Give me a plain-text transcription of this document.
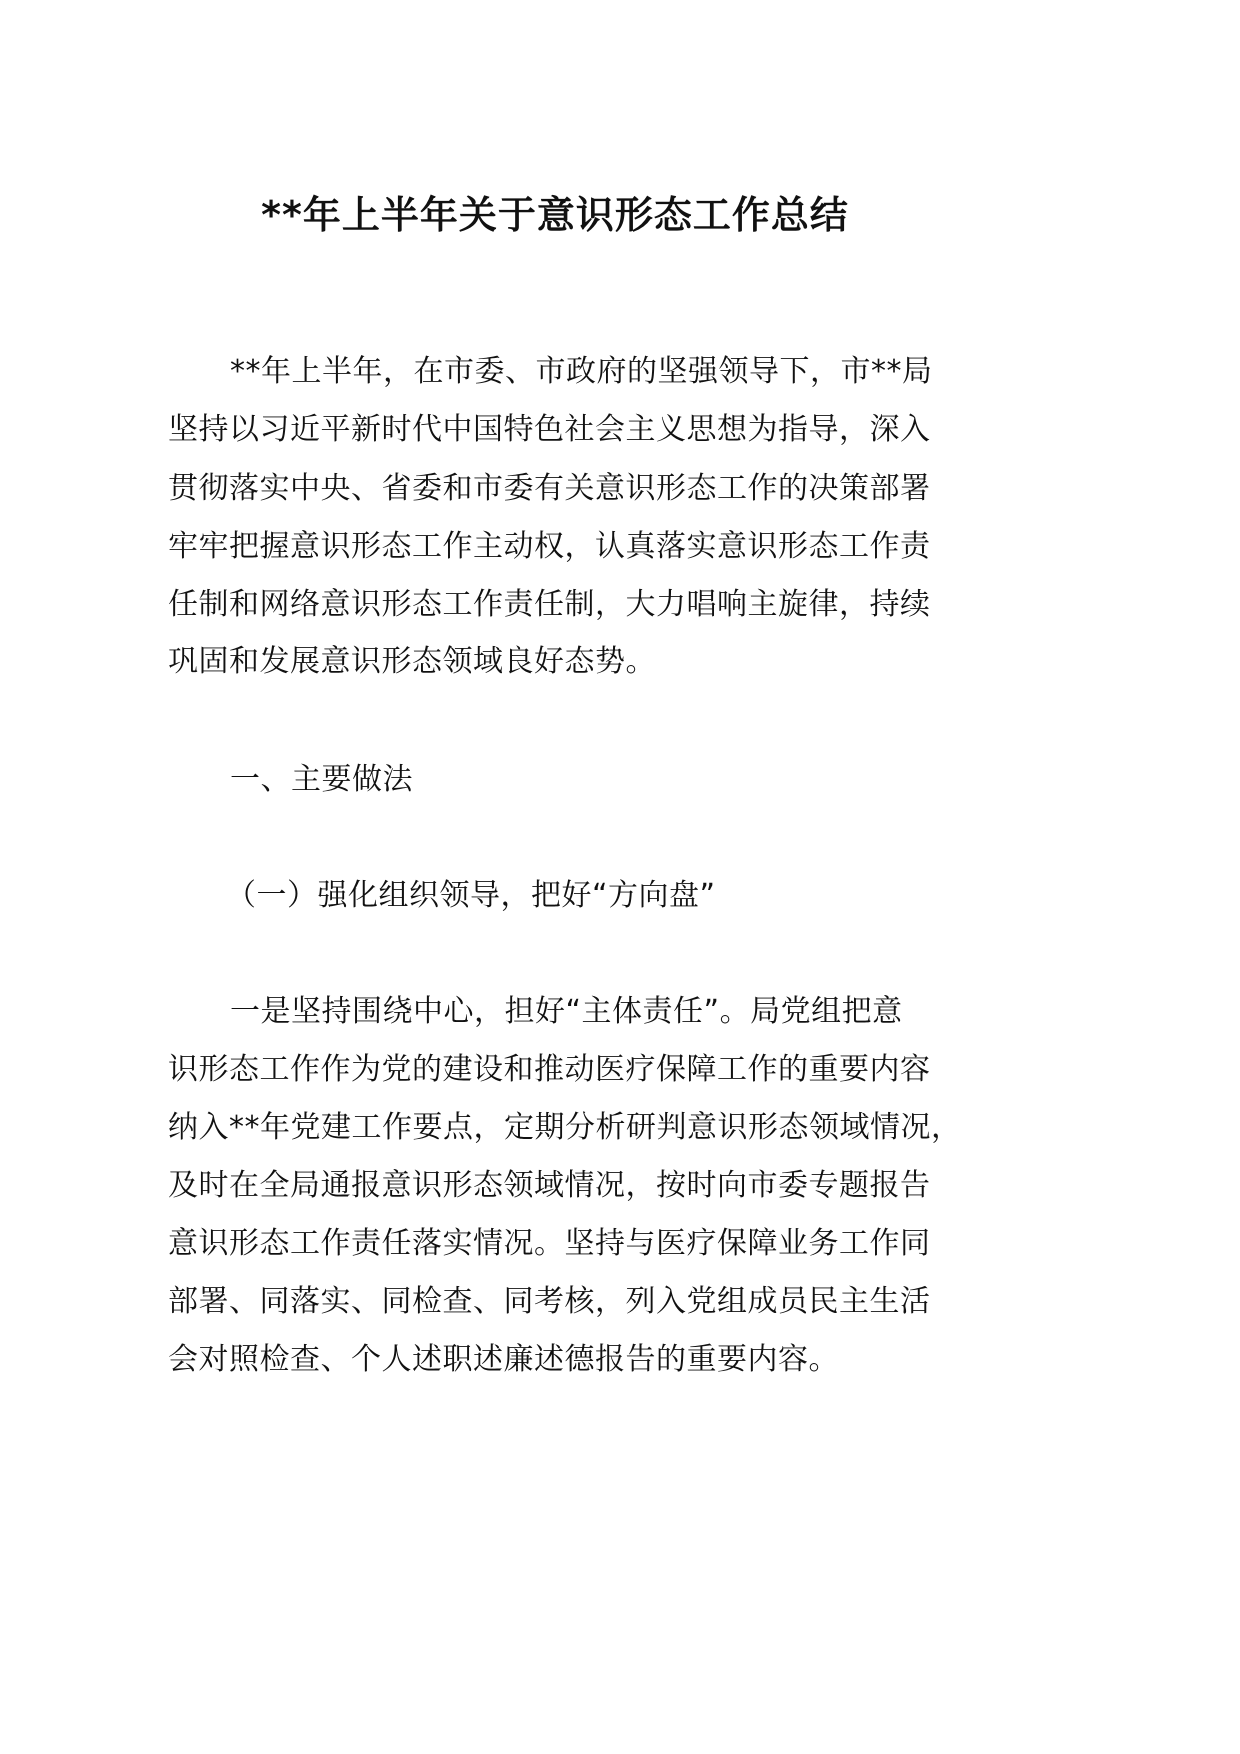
**年上半年关于意识形态工作总结
**年上半年，在市委、市政府的坚强领导下，市**局
坚持以习近平新时代中国特色社会主义思想为指导，深入
贯彻落实中央、省委和市委有关意识形态工作的决策部署
牢牢把握意识形态工作主动权，认真落实意识形态工作责
任制和网络意识形态工作责任制，大力唱响主旋律，持续
巩固和发展意识形态领域良好态势。
一、主要做法
（一）强化组织领导，把好“方向盘”
一是坚持围绕中心，担好“主体责任”。局党组把意
识形态工作作为党的建设和推动医疗保障工作的重要内容
纳入**年党建工作要点，定期分析研判意识形态领域情况，
及时在全局通报意识形态领域情况，按时向市委专题报告
意识形态工作责任落实情况。坚持与医疗保障业务工作同
部署、同落实、同检查、同考核，列入党组成员民主生活
会对照检查、个人述职述廉述德报告的重要内容。
